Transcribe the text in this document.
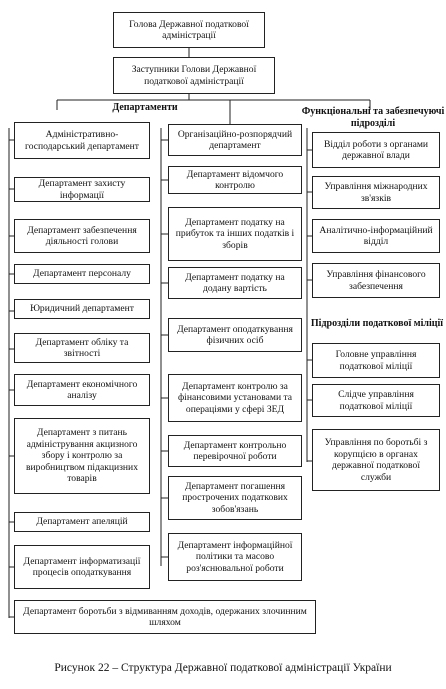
Голова Державної податкової адміністрації
Заступники Голови Державної податкової адміністрації
Департаменти	Функціональні та забезпечуючі підрозділі
Підрозділи податкової міліції
Адміністративно-господарський департамент
Департамент захисту інформації
Департамент забезпечення діяльності голови
Департамент персоналу
Юридичний департамент
Департамент обліку та звітності
Департамент економічного аналізу
Департамент з питань адміністрування акцизного збору і контролю за виробництвом підакцизних товарів
Департамент апеляцій
Департамент інформатизації процесів оподаткування
Організаційно-розпорядчий департамент
Департамент відомчого контролю
Департамент податку на прибуток та інших податків і зборів
Департамент податку на додану вартість
Департамент оподаткування фізичних осіб
Департамент контролю за фінансовими установами та операціями у сфері ЗЕД
Департамент контрольно перевірочної роботи
Департамент погашення прострочених податкових зобов'язань
Департамент інформаційної політики та масово роз'яснювальної роботи
Відділ роботи з органами державної влади
Управління міжнародних зв'язків
Аналітично-інформаційний відділ
Управління фінансового забезпечення
Головне управління податкової міліції
Слідче управління податкової міліції
Управління по боротьбі з корупцією в органах державної податкової служби
Департамент боротьби з відмиванням доходів, одержаних злочинним шляхом
Рисунок 22 – Структура Державної податкової адміністрації України
